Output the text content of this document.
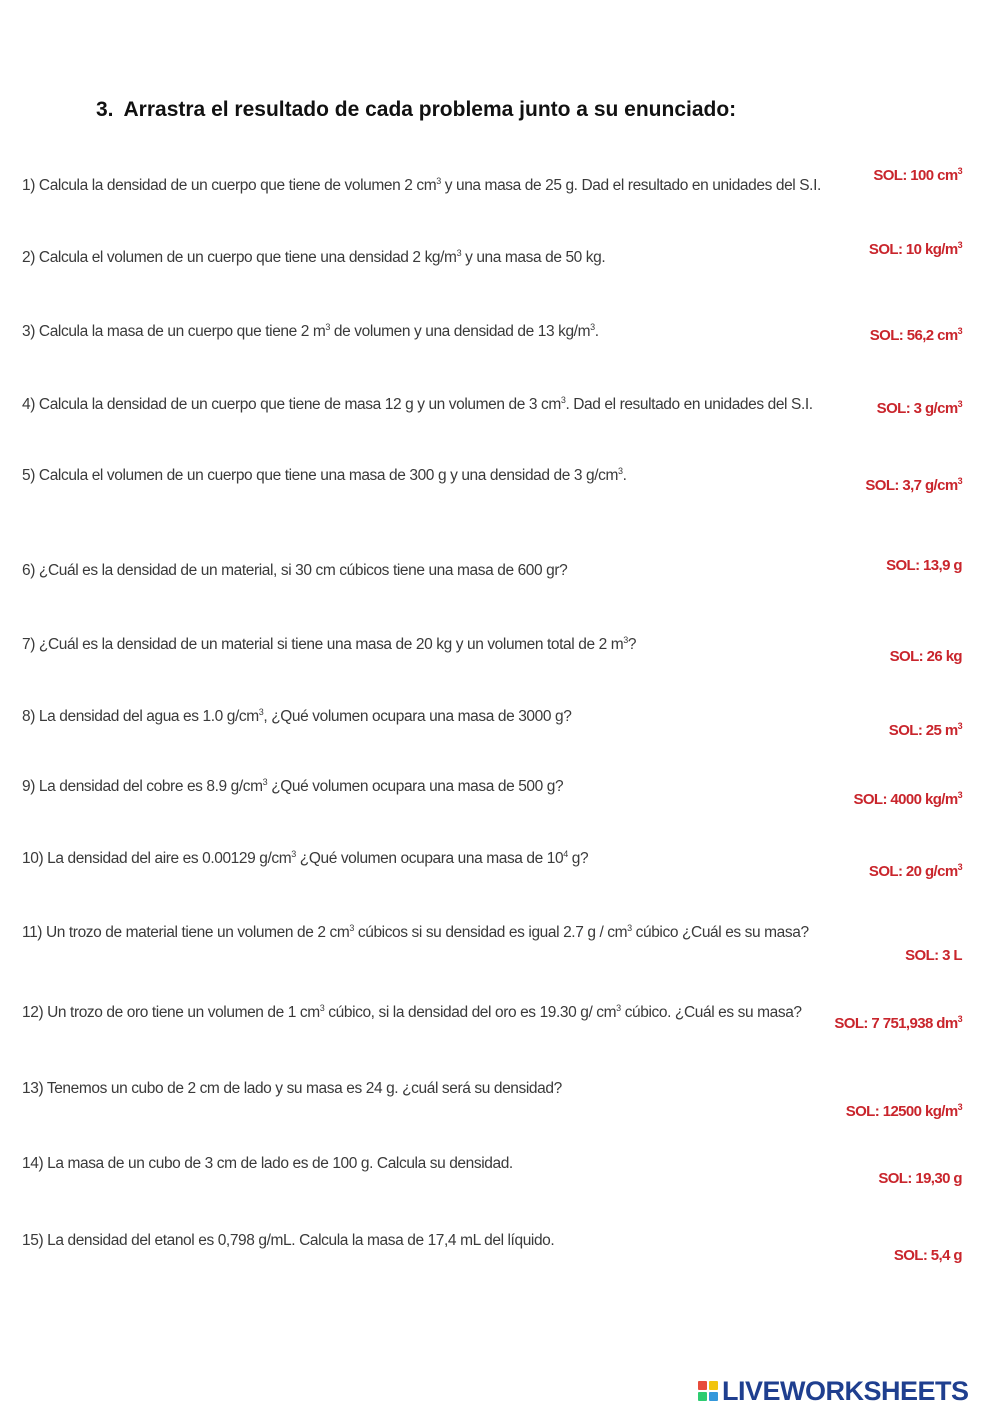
3. Arrastra el resultado de cada problema junto a su enunciado:
1) Calcula la densidad de un cuerpo que tiene de volumen 2 $cm^3$ y una masa de 25 g. Dad el resultado en unidades del S.I.
2) Calcula el volumen de un cuerpo que tiene una densidad 2 $kg/m^3$ y una masa de 50 kg.
3) Calcula la masa de un cuerpo que tiene 2 $m^3$ de volumen y una densidad de 13 $kg/m^3$.
4) Calcula la densidad de un cuerpo que tiene de masa 12 g y un volumen de 3 $cm^3$. Dad el resultado en unidades del S.I.
5) Calcula el volumen de un cuerpo que tiene una masa de 300 g y una densidad de 3 $g/cm^3$.
6) ¿Cuál es la densidad de un material, si 30 cm cúbicos tiene una masa de 600 gr?
7) ¿Cuál es la densidad de un material si tiene una masa de 20 kg y un volumen total de 2 $m^3$?
8) La densidad del agua es 1.0 $g/cm^3$, ¿Qué volumen ocupara una masa de 3000 g?
9) La densidad del cobre es 8.9 $g/cm^3$ ¿Qué volumen ocupara una masa de 500 g?
10) La densidad del aire es 0.00129 $g/cm^3$ ¿Qué volumen ocupara una masa de $10^4$ g?
11) Un trozo de material tiene un volumen de 2 $cm^3$ cúbicos si su densidad es igual 2.7 g / $cm^3$ cúbico ¿Cuál es su masa?
12) Un trozo de oro tiene un volumen de 1 $cm^3$ cúbico, si la densidad del oro es 19.30 g/ $cm^3$ cúbico. ¿Cuál es su masa?
13) Tenemos un cubo de 2 cm de lado y su masa es 24 g. ¿cuál será su densidad?
14) La masa de un cubo de 3 cm de lado es de 100 g. Calcula su densidad.
15) La densidad del etanol es 0,798 g/mL. Calcula la masa de 17,4 mL del líquido.
SOL: 100 $cm^3$
SOL: 10 $kg/m^3$
SOL: 56,2 $cm^3$
SOL: 3 $g/cm^3$
SOL: 3,7 $g/cm^3$
SOL: 13,9 g
SOL: 26 kg
SOL: 25 $m^3$
SOL: 4000 $kg/m^3$
SOL: 20 $g/cm^3$
SOL: 3 L
SOL: 7 751,938 $dm^3$
SOL: 12500 $kg/m^3$
SOL: 19,30 g
SOL: 5,4 g
LIVEWORKSHEETS
